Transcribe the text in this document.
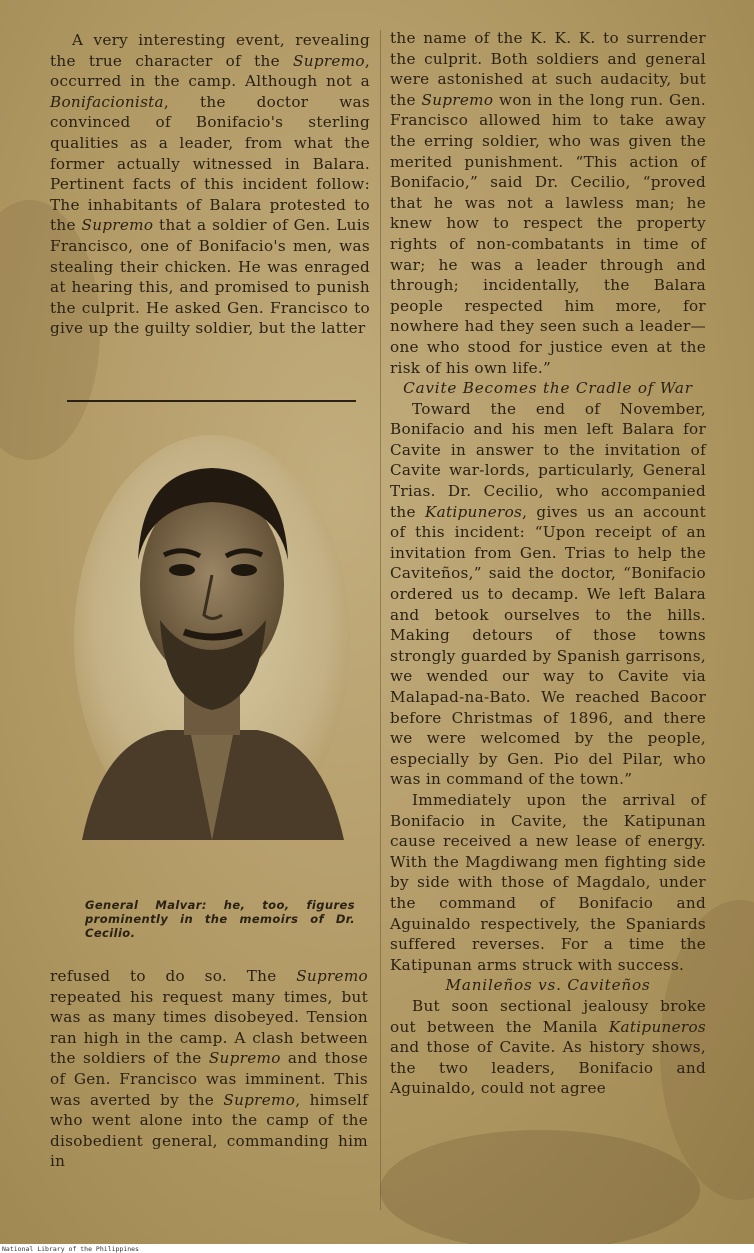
A very interesting event, revealing the true character of the Supremo, occurred in the camp. Although not a Bonifacionista, the doctor was convinced of Bonifacio's sterling qualities as a leader, from what the former actually witnessed in Balara. Pertinent facts of this incident follow: The inhabitants of Balara protested to the Supremo that a soldier of Gen. Luis Francisco, one of Bonifacio's men, was stealing their chicken. He was enraged at hearing this, and promised to punish the culprit. He asked Gen. Francisco to give up the guilty soldier, but the latter

General Malvar: he, too, figures prominently in the memoirs of Dr. Cecilio.

refused to do so. The Supremo repeated his request many times, but was as many times disobeyed. Tension ran high in the camp. A clash between the soldiers of the Supremo and those of Gen. Francisco was imminent. This was averted by the Supremo, himself who went alone into the camp of the disobedient general, commanding him in

the name of the K. K. K. to surrender the culprit. Both soldiers and general were astonished at such audacity, but the Supremo won in the long run. Gen. Francisco allowed him to take away the erring soldier, who was given the merited punishment. “This action of Bonifacio,” said Dr. Cecilio, “proved that he was not a lawless man; he knew how to respect the property rights of non-combatants in time of war; he was a leader through and through; incidentally, the Balara people respected him more, for nowhere had they seen such a leader—one who stood for justice even at the risk of his own life.”

Cavite Becomes the Cradle of War

Toward the end of November, Bonifacio and his men left Balara for Cavite in answer to the invitation of Cavite war-lords, particularly, General Trias. Dr. Cecilio, who accompanied the Katipuneros, gives us an account of this incident: “Upon receipt of an invitation from Gen. Trias to help the Caviteños,” said the doctor, “Bonifacio ordered us to decamp. We left Balara and betook ourselves to the hills. Making detours of those towns strongly guarded by Spanish garrisons, we wended our way to Cavite via Malapad-na-Bato. We reached Bacoor before Christmas of 1896, and there we were welcomed by the people, especially by Gen. Pio del Pilar, who was in command of the town.”

Immediately upon the arrival of Bonifacio in Cavite, the Katipunan cause received a new lease of energy. With the Magdiwang men fighting side by side with those of Magdalo, under the command of Bonifacio and Aguinaldo respectively, the Spaniards suffered reverses. For a time the Katipunan arms struck with success.

Manileños vs. Caviteños

But soon sectional jealousy broke out between the Manila Katipuneros and those of Cavite. As history shows, the two leaders, Bonifacio and Aguinaldo, could not agree

National Library of the Philippines
